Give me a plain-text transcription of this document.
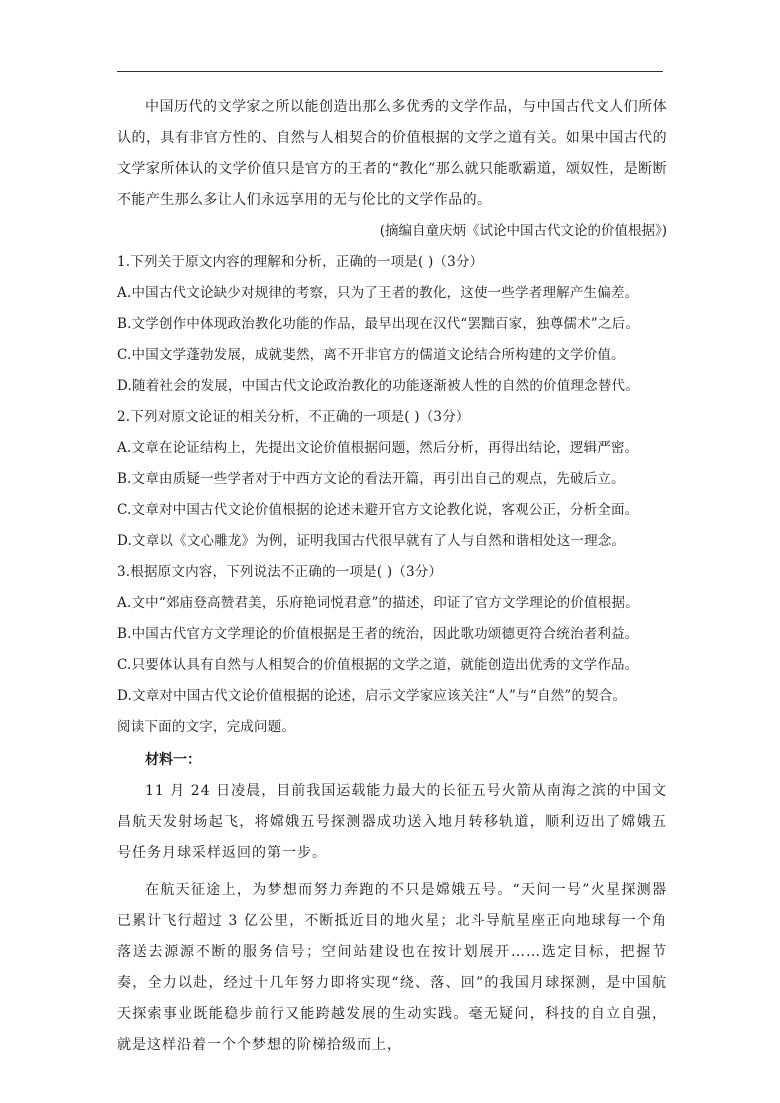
中国历代的文学家之所以能创造出那么多优秀的文学作品，与中国古代文人们所体认的，具有非官方性的、自然与人相契合的价值根据的文学之道有关。如果中国古代的文学家所体认的文学价值只是官方的王者的“教化”那么就只能歌霸道，颂奴性，是断断不能产生那么多让人们永远享用的无与伦比的文学作品的。

(摘编自童庆炳《试论中国古代文论的价值根据》)

1.下列关于原文内容的理解和分析，正确的一项是( )（3分）

A.中国古代文论缺少对规律的考察，只为了王者的教化，这使一些学者理解产生偏差。

B.文学创作中体现政治教化功能的作品，最早出现在汉代“罢黜百家，独尊儒术”之后。

C.中国文学蓬勃发展，成就斐然，离不开非官方的儒道文论结合所构建的文学价值。

D.随着社会的发展，中国古代文论政治教化的功能逐渐被人性的自然的价值理念替代。

2.下列对原文论证的相关分析，不正确的一项是( )（3分）

A.文章在论证结构上，先提出文论价值根据问题，然后分析，再得出结论，逻辑严密。

B.文章由质疑一些学者对于中西方文论的看法开篇，再引出自己的观点，先破后立。

C.文章对中国古代文论价值根据的论述未避开官方文论教化说，客观公正，分析全面。

D.文章以《文心雕龙》为例，证明我国古代很早就有了人与自然和谐相处这一理念。

3.根据原文内容，下列说法不正确的一项是( )（3分）

A.文中“郊庙登高赞君美，乐府艳词悦君意”的描述，印证了官方文学理论的价值根据。

B.中国古代官方文学理论的价值根据是王者的统治，因此歌功颂德更符合统治者利益。

C.只要体认具有自然与人相契合的价值根据的文学之道，就能创造出优秀的文学作品。

D.文章对中国古代文论价值根据的论述，启示文学家应该关注“人”与“自然”的契合。

阅读下面的文字，完成问题。

材料一：

11 月 24 日凌晨，目前我国运载能力最大的长征五号火箭从南海之滨的中国文昌航天发射场起飞，将嫦娥五号探测器成功送入地月转移轨道，顺利迈出了嫦娥五号任务月球采样返回的第一步。

在航天征途上，为梦想而努力奔跑的不只是嫦娥五号。“天问一号”火星探测器已累计飞行超过 3 亿公里，不断抵近目的地火星；北斗导航星座正向地球每一个角落送去源源不断的服务信号；空间站建设也在按计划展开……选定目标，把握节奏，全力以赴，经过十几年努力即将实现“绕、落、回”的我国月球探测，是中国航天探索事业既能稳步前行又能跨越发展的生动实践。毫无疑问，科技的自立自强，就是这样沿着一个个梦想的阶梯拾级而上，
